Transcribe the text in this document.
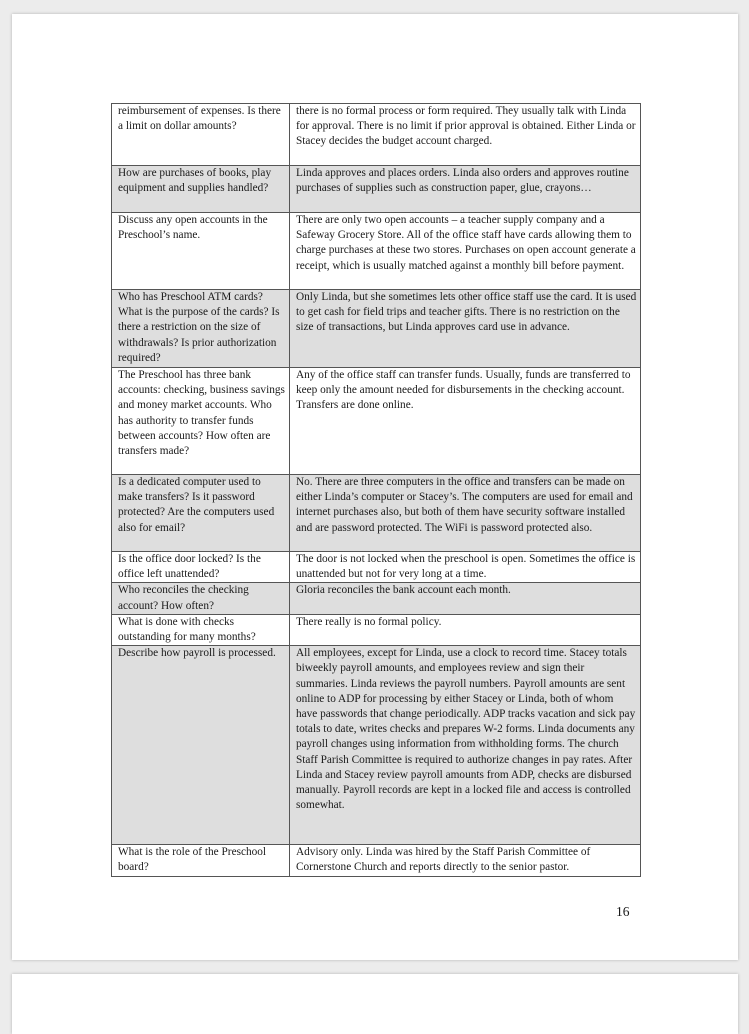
reimbursement of expenses. Is there a limit on dollar amounts?	there is no formal process or form required. They usually talk with Linda for approval. There is no limit if prior approval is obtained. Either Linda or Stacey decides the budget account charged.
How are purchases of books, play equipment and supplies handled?	Linda approves and places orders. Linda also orders and approves routine purchases of supplies such as construction paper, glue, crayons…
Discuss any open accounts in the Preschool’s name.	There are only two open accounts – a teacher supply company and a Safeway Grocery Store. All of the office staff have cards allowing them to charge purchases at these two stores. Purchases on open account generate a receipt, which is usually matched against a monthly bill before payment.
Who has Preschool ATM cards? What is the purpose of the cards? Is there a restriction on the size of withdrawals? Is prior authorization required?	Only Linda, but she sometimes lets other office staff use the card. It is used to get cash for field trips and teacher gifts. There is no restriction on the size of transactions, but Linda approves card use in advance.
The Preschool has three bank accounts: checking, business savings and money market accounts. Who has authority to transfer funds between accounts? How often are transfers made?	Any of the office staff can transfer funds. Usually, funds are transferred to keep only the amount needed for disbursements in the checking account. Transfers are done online.
Is a dedicated computer used to make transfers? Is it password protected? Are the computers used also for email?	No. There are three computers in the office and transfers can be made on either Linda’s computer or Stacey’s. The computers are used for email and internet purchases also, but both of them have security software installed and are password protected. The WiFi is password protected also.
Is the office door locked? Is the office left unattended?	The door is not locked when the preschool is open. Sometimes the office is unattended but not for very long at a time.
Who reconciles the checking account? How often?	Gloria reconciles the bank account each month.
What is done with checks outstanding for many months?	There really is no formal policy.
Describe how payroll is processed.	All employees, except for Linda, use a clock to record time. Stacey totals biweekly payroll amounts, and employees review and sign their summaries. Linda reviews the payroll numbers. Payroll amounts are sent online to ADP for processing by either Stacey or Linda, both of whom have passwords that change periodically. ADP tracks vacation and sick pay totals to date, writes checks and prepares W-2 forms. Linda documents any payroll changes using information from withholding forms. The church Staff Parish Committee is required to authorize changes in pay rates. After Linda and Stacey review payroll amounts from ADP, checks are disbursed manually. Payroll records are kept in a locked file and access is controlled somewhat.
What is the role of the Preschool board?	Advisory only. Linda was hired by the Staff Parish Committee of Cornerstone Church and reports directly to the senior pastor.
16
